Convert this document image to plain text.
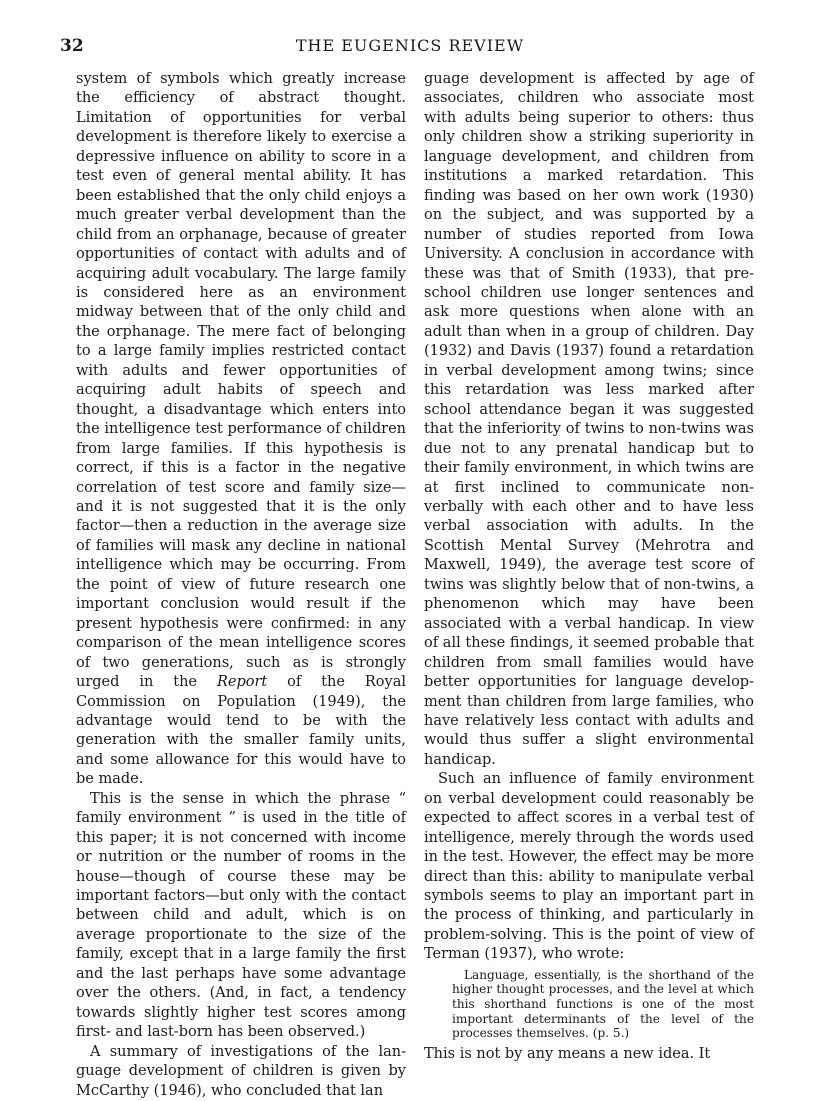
32	THE EUGENICS REVIEW

system of symbols which greatly increase the efficiency of abstract thought. Limitation of opportunities for verbal development is therefore likely to exercise a depressive influence on ability to score in a test even of general mental ability. It has been established that the only child enjoys a much greater verbal development than the child from an orphanage, because of greater opportunities of contact with adults and of acquiring adult vocabulary. The large family is considered here as an environment midway between that of the only child and the orphanage. The mere fact of belonging to a large family implies restricted contact with adults and fewer opportunities of acquiring adult habits of speech and thought, a disadvantage which enters into the intelligence test performance of children from large families. If this hypothesis is correct, if this is a factor in the negative correlation of test score and family size—and it is not suggested that it is the only factor—then a reduction in the average size of families will mask any decline in national intelligence which may be occurring. From the point of view of future research one important conclusion would result if the present hypothesis were confirmed: in any comparison of the mean intelligence scores of two generations, such as is strongly urged in the Report of the Royal Commission on Population (1949), the advantage would tend to be with the generation with the smaller family units, and some allowance for this would have to be made.

This is the sense in which the phrase “ family environment ” is used in the title of this paper; it is not concerned with income or nutrition or the number of rooms in the house—though of course these may be important factors—but only with the contact between child and adult, which is on average proportionate to the size of the family, except that in a large family the first and the last perhaps have some advantage over the others. (And, in fact, a tendency towards slightly higher test scores among first- and last-born has been observed.)

A summary of investigations of the language development of children is given by McCarthy (1946), who concluded that lan

guage development is affected by age of associates, children who associate most with adults being superior to others: thus only children show a striking superiority in language development, and children from institutions a marked retardation. This finding was based on her own work (1930) on the subject, and was supported by a number of studies reported from Iowa University. A conclusion in accordance with these was that of Smith (1933), that pre-school children use longer sentences and ask more questions when alone with an adult than when in a group of children. Day (1932) and Davis (1937) found a retardation in verbal development among twins; since this retardation was less marked after school attendance began it was suggested that the inferiority of twins to non-twins was due not to any prenatal handicap but to their family environment, in which twins are at first inclined to communicate non-verbally with each other and to have less verbal association with adults. In the Scottish Mental Survey (Mehrotra and Maxwell, 1949), the average test score of twins was slightly below that of non-twins, a phenomenon which may have been associated with a verbal handicap. In view of all these findings, it seemed probable that children from small families would have better opportunities for language development than children from large families, who have relatively less contact with adults and would thus suffer a slight environmental handicap.

Such an influence of family environment on verbal development could reasonably be expected to affect scores in a verbal test of intelligence, merely through the words used in the test. However, the effect may be more direct than this: ability to manipulate verbal symbols seems to play an important part in the process of thinking, and particularly in problem-solving. This is the point of view of Terman (1937), who wrote:

Language, essentially, is the shorthand of the higher thought processes, and the level at which this shorthand functions is one of the most important determinants of the level of the processes themselves. (p. 5.)

This is not by any means a new idea. It
